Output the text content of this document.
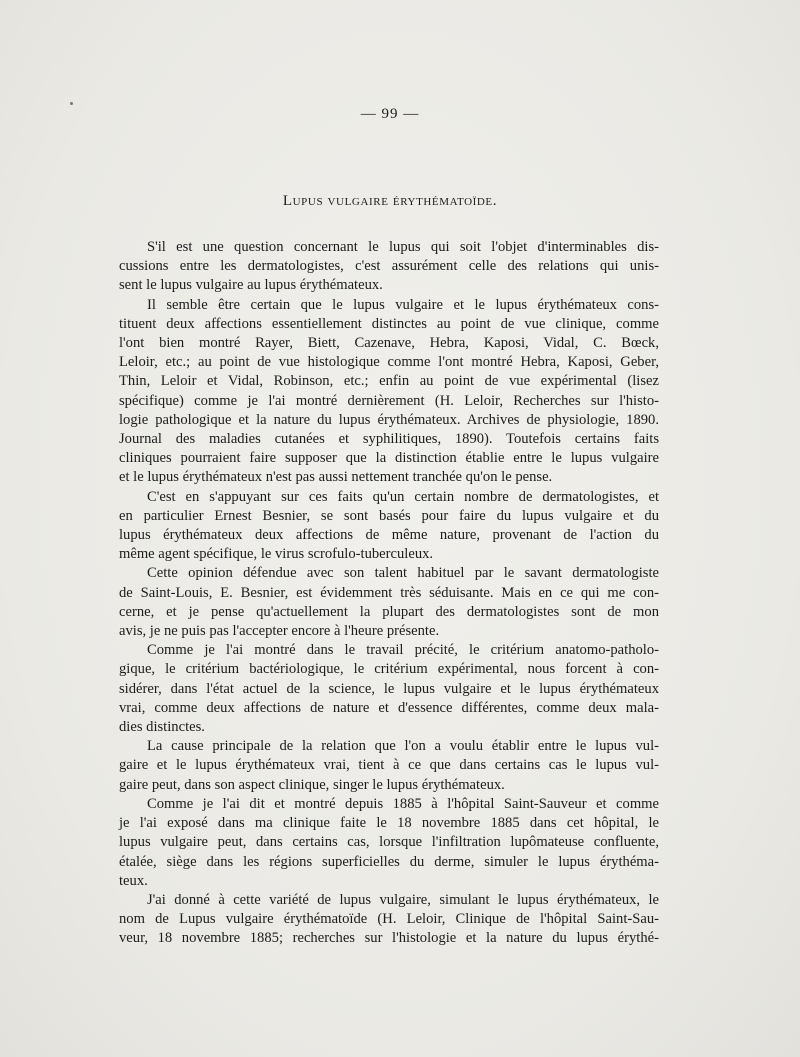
— 99 —
Lupus vulgaire érythématoïde.
S'il est une question concernant le lupus qui soit l'objet d'interminables dis-
cussions entre les dermatologistes, c'est assurément celle des relations qui unis-
sent le lupus vulgaire au lupus érythémateux.
Il semble être certain que le lupus vulgaire et le lupus érythémateux cons-
tituent deux affections essentiellement distinctes au point de vue clinique, comme
l'ont bien montré Rayer, Biett, Cazenave, Hebra, Kaposi, Vidal, C. Bœck,
Leloir, etc.; au point de vue histologique comme l'ont montré Hebra, Kaposi, Geber,
Thin, Leloir et Vidal, Robinson, etc.; enfin au point de vue expérimental (lisez
spécifique) comme je l'ai montré dernièrement (H. Leloir, Recherches sur l'histo-
logie pathologique et la nature du lupus érythémateux. Archives de physiologie, 1890.
Journal des maladies cutanées et syphilitiques, 1890). Toutefois certains faits
cliniques pourraient faire supposer que la distinction établie entre le lupus vulgaire
et le lupus érythémateux n'est pas aussi nettement tranchée qu'on le pense.
C'est en s'appuyant sur ces faits qu'un certain nombre de dermatologistes, et
en particulier Ernest Besnier, se sont basés pour faire du lupus vulgaire et du
lupus érythémateux deux affections de même nature, provenant de l'action du
même agent spécifique, le virus scrofulo-tuberculeux.
Cette opinion défendue avec son talent habituel par le savant dermatologiste
de Saint-Louis, E. Besnier, est évidemment très séduisante. Mais en ce qui me con-
cerne, et je pense qu'actuellement la plupart des dermatologistes sont de mon
avis, je ne puis pas l'accepter encore à l'heure présente.
Comme je l'ai montré dans le travail précité, le critérium anatomo-patholo-
gique, le critérium bactériologique, le critérium expérimental, nous forcent à con-
sidérer, dans l'état actuel de la science, le lupus vulgaire et le lupus érythémateux
vrai, comme deux affections de nature et d'essence différentes, comme deux mala-
dies distinctes.
La cause principale de la relation que l'on a voulu établir entre le lupus vul-
gaire et le lupus érythémateux vrai, tient à ce que dans certains cas le lupus vul-
gaire peut, dans son aspect clinique, singer le lupus érythémateux.
Comme je l'ai dit et montré depuis 1885 à l'hôpital Saint-Sauveur et comme
je l'ai exposé dans ma clinique faite le 18 novembre 1885 dans cet hôpital, le
lupus vulgaire peut, dans certains cas, lorsque l'infiltration lupômateuse confluente,
étalée, siège dans les régions superficielles du derme, simuler le lupus érythéma-
teux.
J'ai donné à cette variété de lupus vulgaire, simulant le lupus érythémateux, le
nom de Lupus vulgaire érythématoïde (H. Leloir, Clinique de l'hôpital Saint-Sau-
veur, 18 novembre 1885; recherches sur l'histologie et la nature du lupus érythé-
